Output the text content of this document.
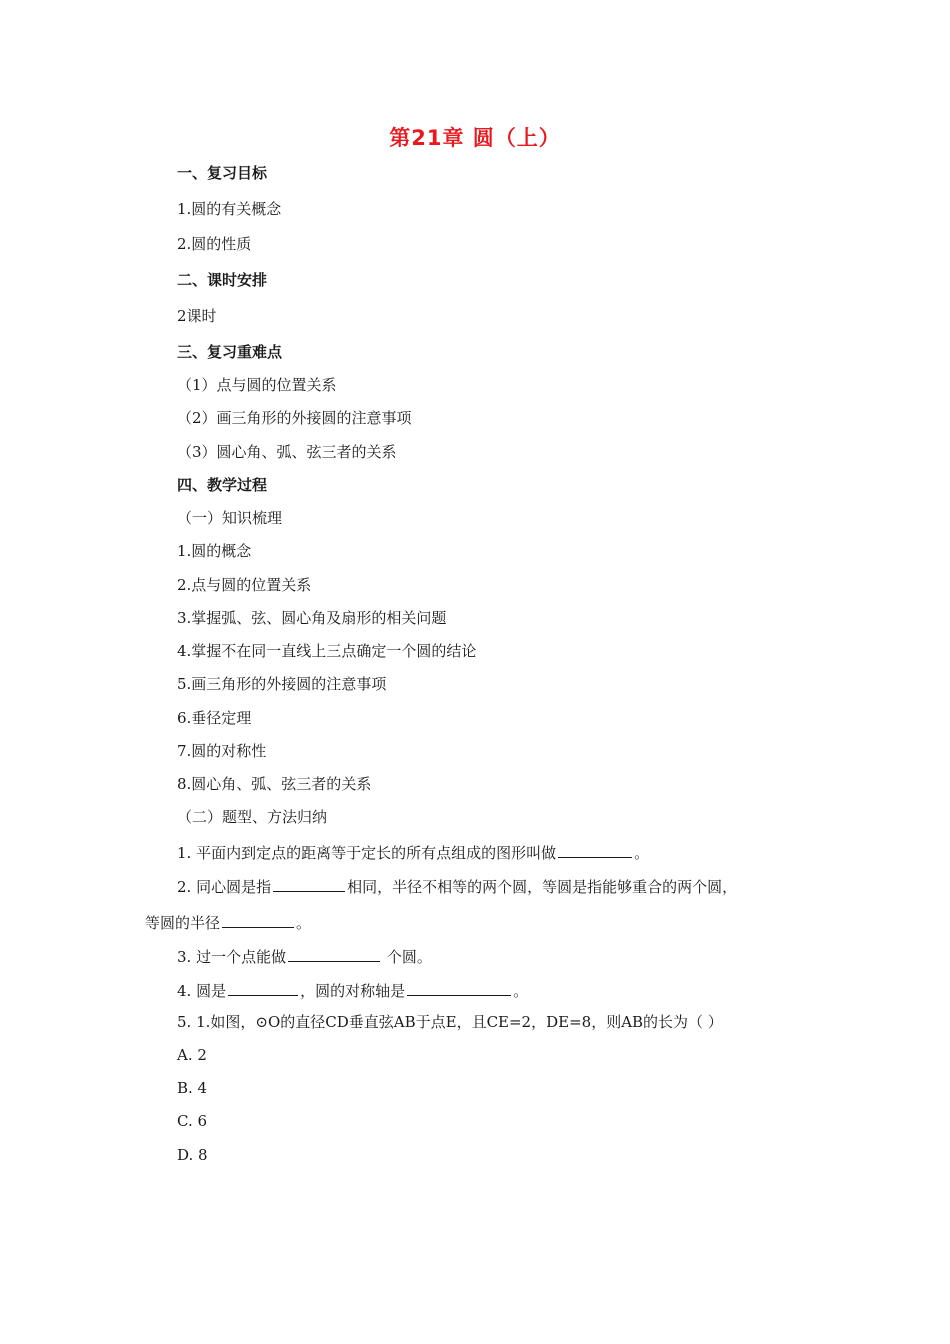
第21章 圆（上）
一、复习目标
1.圆的有关概念
2.圆的性质
二、课时安排
2课时
三、复习重难点
（1）点与圆的位置关系
（2）画三角形的外接圆的注意事项
（3）圆心角、弧、弦三者的关系
四、教学过程
（一）知识梳理
1.圆的概念
2.点与圆的位置关系
3.掌握弧、弦、圆心角及扇形的相关问题
4.掌握不在同一直线上三点确定一个圆的结论
5.画三角形的外接圆的注意事项
6.垂径定理
7.圆的对称性
8.圆心角、弧、弦三者的关系
（二）题型、方法归纳
1. 平面内到定点的距离等于定长的所有点组成的图形叫做	。
2. 同心圆是指	相同，半径不相等的两个圆，等圆是指能够重合的两个圆，
等圆的半径	。
3. 过一个点能做	个圆。
4. 圆是	，圆的对称轴是	。
5. 1.如图，⊙O的直径CD垂直弦AB于点E，且CE=2，DE=8，则AB的长为（ ）
A. 2
B. 4
C. 6
D. 8
